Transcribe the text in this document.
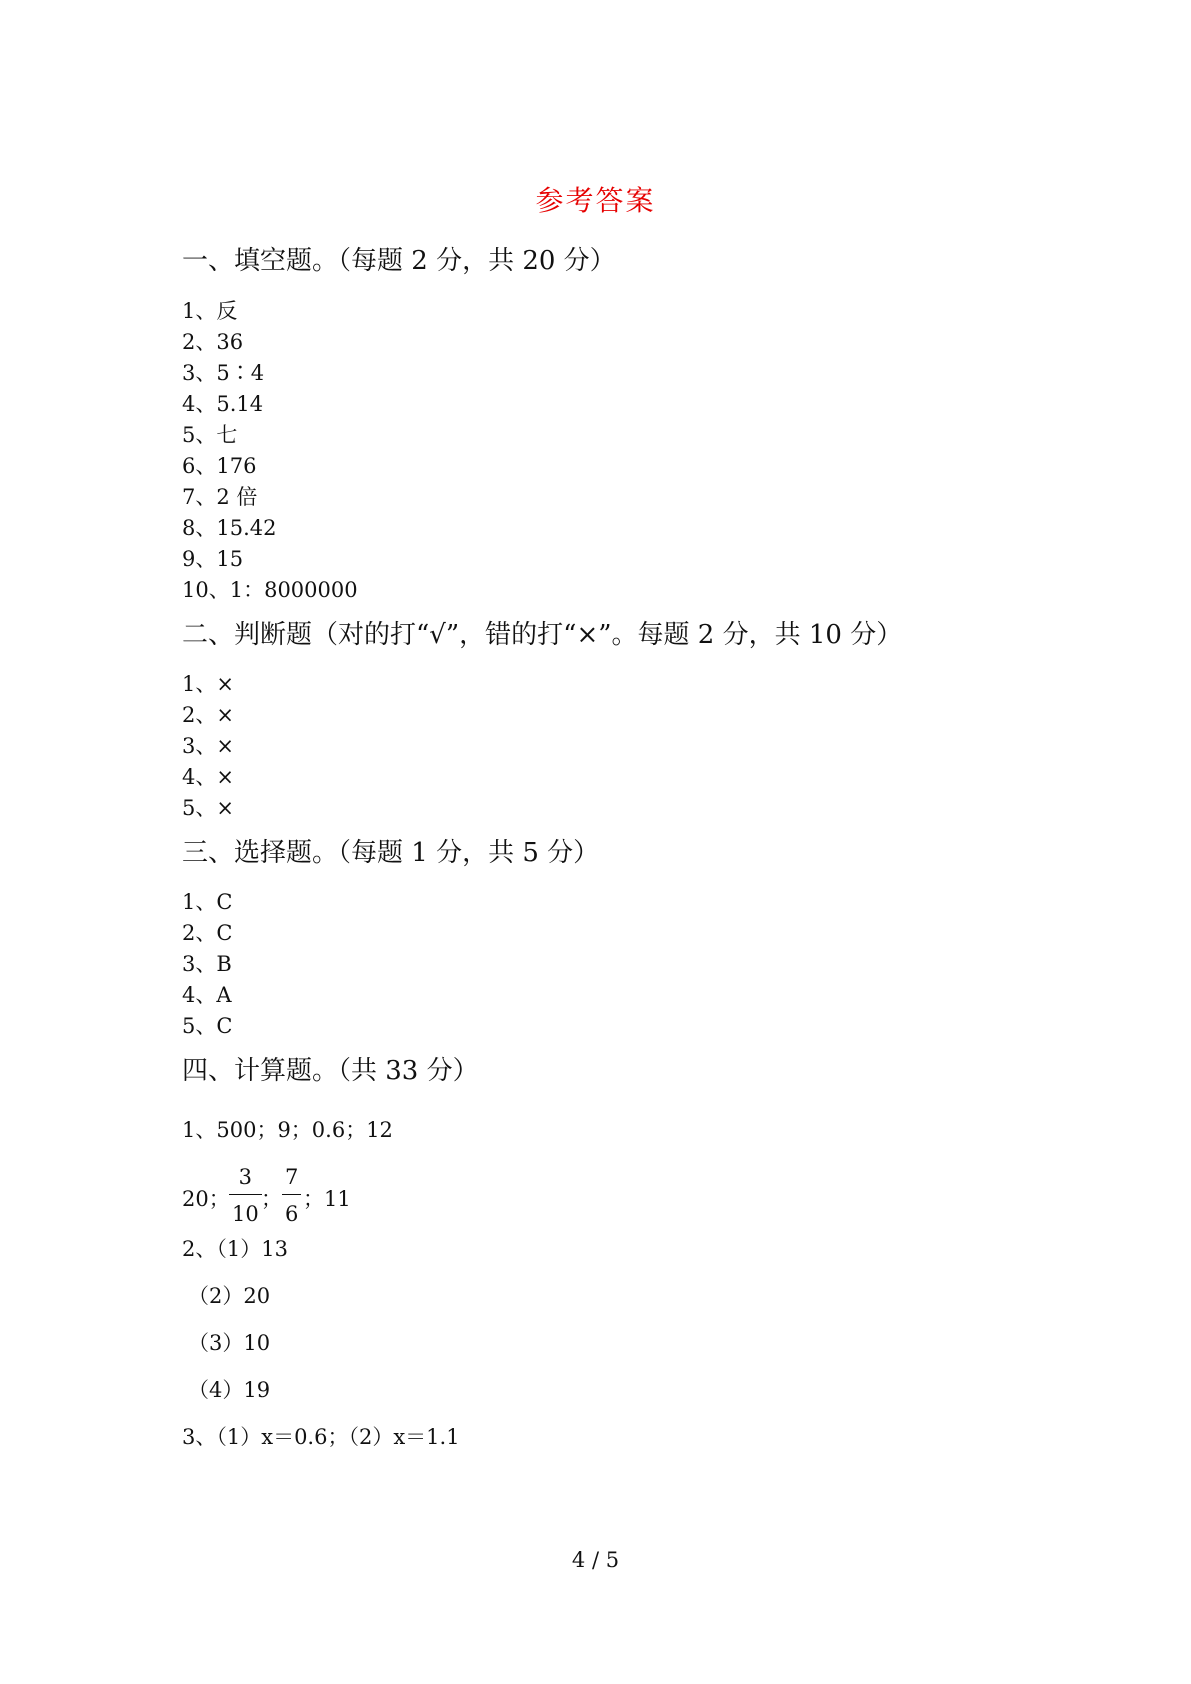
参考答案
一、填空题。（每题 2 分，共 20 分）
1、反
2、36
3、5∶4
4、5.14
5、七
6、176
7、2 倍
8、15.42
9、15
10、1：8000000
二、判断题（对的打“√”，错的打“×”。每题 2 分，共 10 分）
1、×
2、×
3、×
4、×
5、×
三、选择题。（每题 1 分，共 5 分）
1、C
2、C
3、B
4、A
5、C
四、计算题。（共 33 分）
1、500；9；0.6；12
20；
3
10
；
7
6
；11
2、（1）13
（2）20
（3）10
（4）19
3、（1）x＝0.6；（2）x＝1.1
4 / 5
